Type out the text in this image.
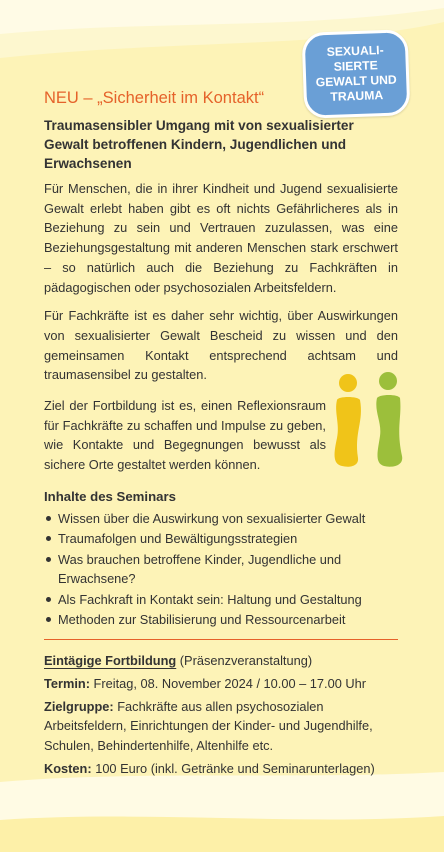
SEXUALI-
SIERTE
GEWALT UND
TRAUMA
NEU – „Sicherheit im Kontakt“
Traumasensibler Umgang mit von sexualisierter Gewalt betroffenen Kindern, Jugendlichen und Erwachsenen

Für Menschen, die in ihrer Kindheit und Jugend sexualisierte Gewalt erlebt haben gibt es oft nichts Gefährlicheres als in Beziehung zu sein und Vertrauen zuzulassen, was eine Beziehungsgestaltung mit anderen Menschen stark erschwert – so natürlich auch die Beziehung zu Fachkräften in pädagogischen oder psychosozialen Arbeitsfeldern.

Für Fachkräfte ist es daher sehr wichtig, über Auswirkungen von sexualisierter Gewalt Bescheid zu wissen und den gemeinsamen Kontakt entsprechend achtsam und traumasensibel zu gestalten.

Ziel der Fortbildung ist es, einen Reflexionsraum für Fachkräfte zu schaffen und Impulse zu geben, wie Kontakte und Begegnungen bewusst als sichere Orte gestaltet werden können.

Inhalte des Seminars
Wissen über die Auswirkung von sexualisierter Gewalt
Traumafolgen und Bewältigungsstrategien
Was brauchen betroffene Kinder, Jugendliche und Erwachsene?
Als Fachkraft in Kontakt sein: Haltung und Gestaltung
Methoden zur Stabilisierung und Ressourcenarbeit
Eintägige Fortbildung (Präsenzveranstaltung)
Termin: Freitag, 08. November 2024 / 10.00 – 17.00 Uhr
Zielgruppe: Fachkräfte aus allen psychosozialen Arbeitsfeldern, Einrichtungen der Kinder- und Jugendhilfe, Schulen, Behindertenhilfe, Altenhilfe etc.
Kosten: 100 Euro (inkl. Getränke und Seminarunterlagen)
